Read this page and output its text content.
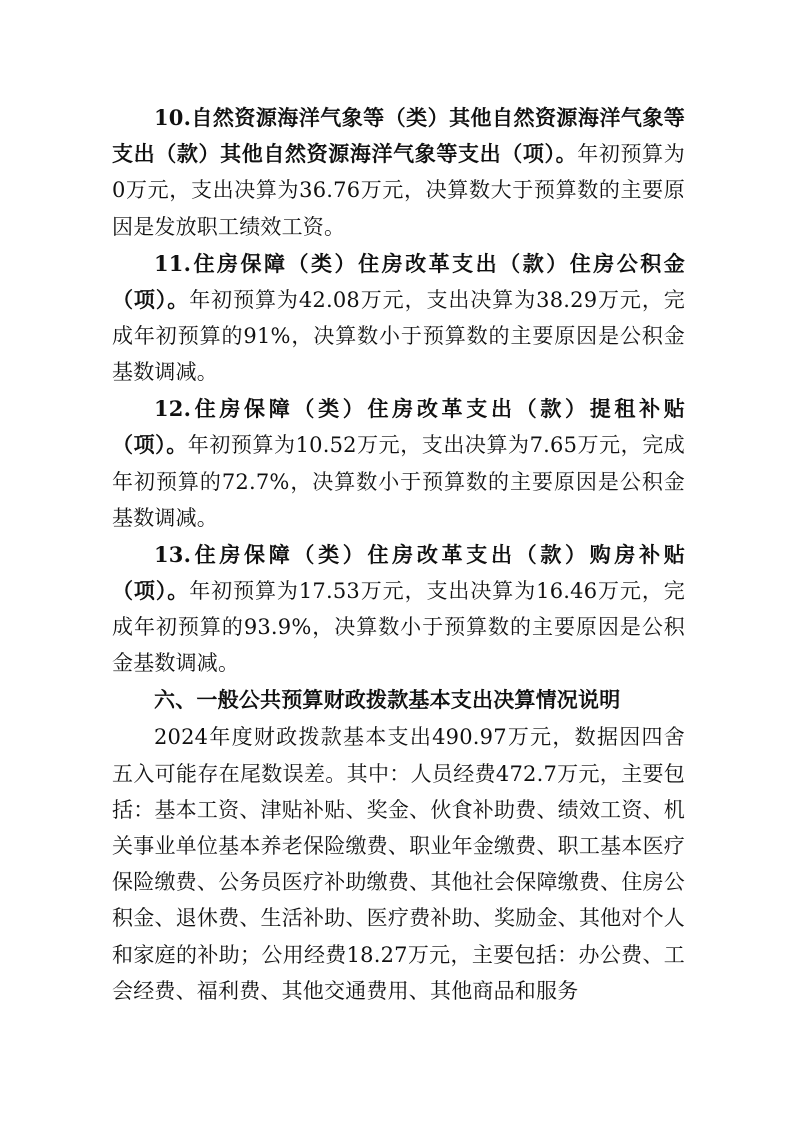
10.自然资源海洋气象等（类）其他自然资源海洋气象等支出（款）其他自然资源海洋气象等支出（项）。年初预算为0万元，支出决算为36.76万元，决算数大于预算数的主要原因是发放职工绩效工资。

11.住房保障（类）住房改革支出（款）住房公积金（项）。年初预算为42.08万元，支出决算为38.29万元，完成年初预算的91%，决算数小于预算数的主要原因是公积金基数调减。

12.住房保障（类）住房改革支出（款）提租补贴（项）。年初预算为10.52万元，支出决算为7.65万元，完成年初预算的72.7%，决算数小于预算数的主要原因是公积金基数调减。

13.住房保障（类）住房改革支出（款）购房补贴（项）。年初预算为17.53万元，支出决算为16.46万元，完成年初预算的93.9%，决算数小于预算数的主要原因是公积金基数调减。

六、一般公共预算财政拨款基本支出决算情况说明

2024年度财政拨款基本支出490.97万元，数据因四舍五入可能存在尾数误差。其中：人员经费472.7万元，主要包括：基本工资、津贴补贴、奖金、伙食补助费、绩效工资、机关事业单位基本养老保险缴费、职业年金缴费、职工基本医疗保险缴费、公务员医疗补助缴费、其他社会保障缴费、住房公积金、退休费、生活补助、医疗费补助、奖励金、其他对个人和家庭的补助；公用经费18.27万元，主要包括：办公费、工会经费、福利费、其他交通费用、其他商品和服务
